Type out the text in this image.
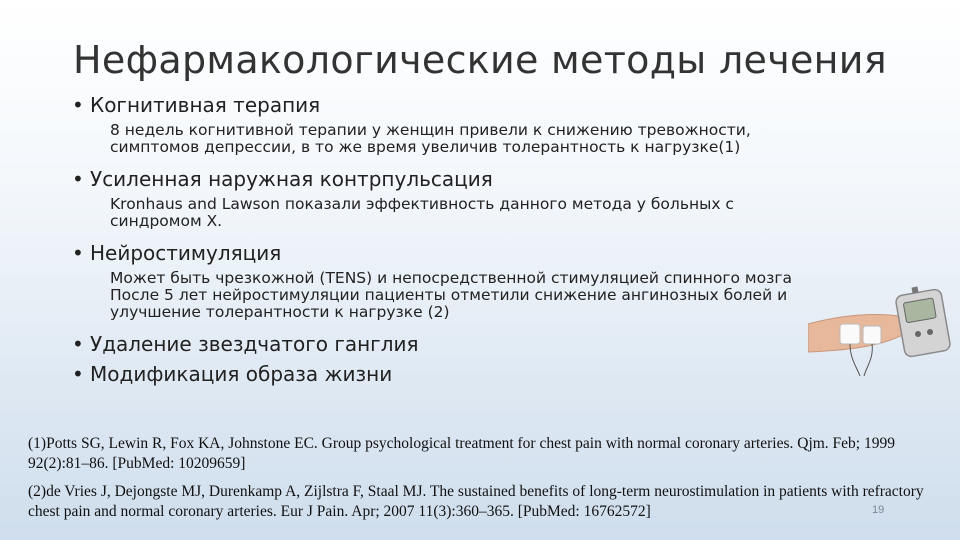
Нефармакологические методы лечения
• Когнитивная терапия
8 недель когнитивной терапии у женщин привели к снижению тревожности,
симптомов депрессии, в то же время увеличив толерантность к нагрузке(1)
• Усиленная наружная контрпульсация
Kronhaus and Lawson показали эффективность данного метода у больных с
синдромом Х.
• Нейростимуляция
Может быть чрезкожной (TENS) и непосредственной стимуляцией спинного мозга
После 5 лет нейростимуляции пациенты отметили снижение ангинозных болей и
улучшение толерантности к нагрузке (2)
• Удаление звездчатого ганглия
• Модификация образа жизни
(1)Potts SG, Lewin R, Fox KA, Johnstone EC. Group psychological treatment for chest pain with normal coronary arteries. Qjm. Feb; 1999 92(2):81–86. [PubMed: 10209659]
(2)de Vries J, Dejongste MJ, Durenkamp A, Zijlstra F, Staal MJ. The sustained benefits of long-term neurostimulation in patients with refractory chest pain and normal coronary arteries. Eur J Pain. Apr; 2007 11(3):360–365. [PubMed: 16762572]	19
